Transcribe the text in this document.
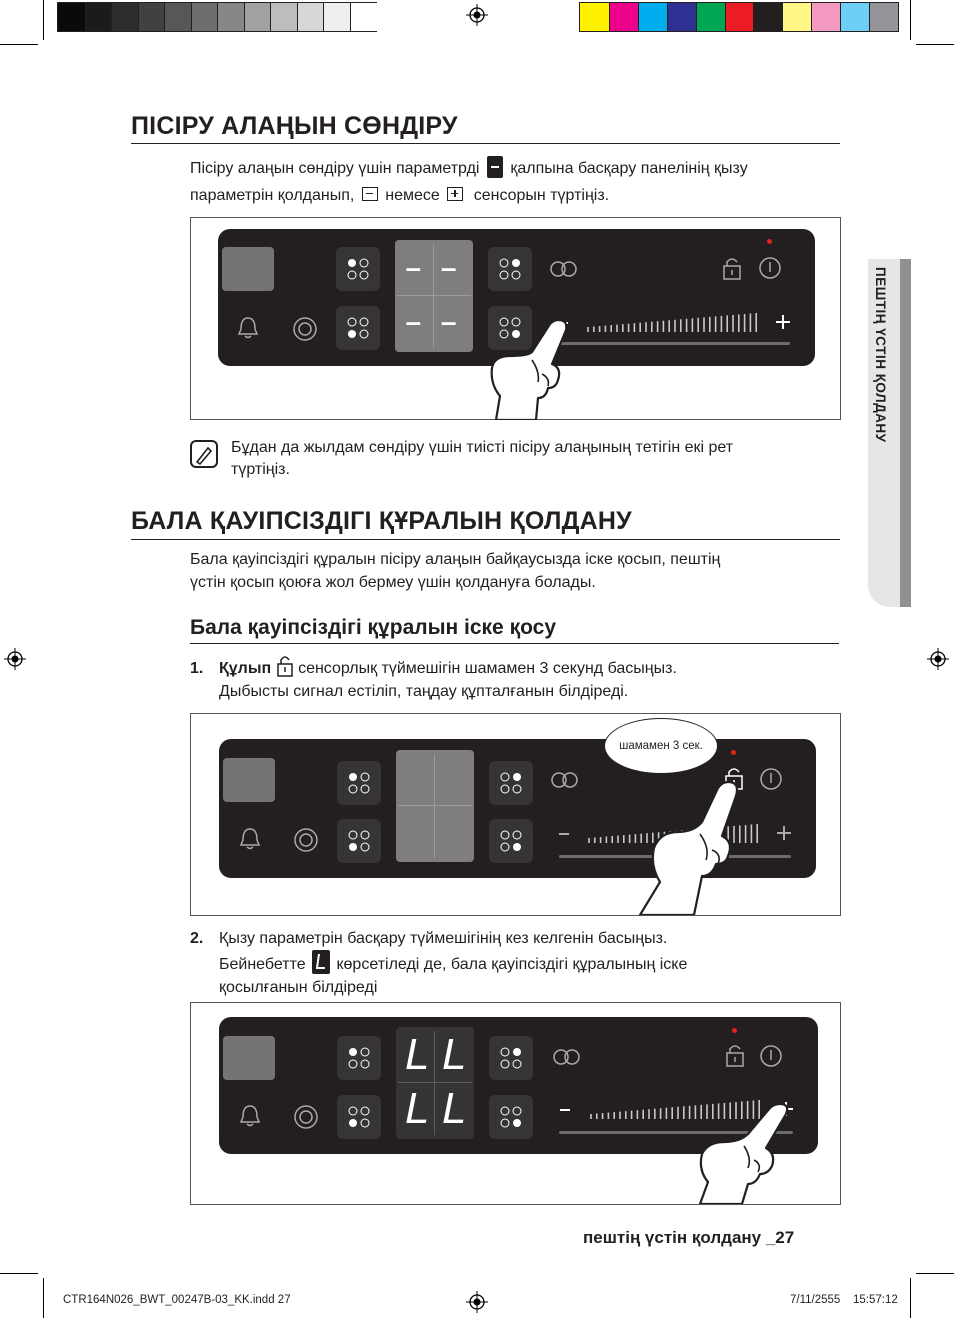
ПЕШТІҢ ҮСТІН ҚОЛДАНУ
ПІСІРУ АЛАҢЫН СӨНДІРУ
Пісіру алаңын сөндіру үшін параметрді қалпына басқару панелінің қызу
параметрін қолданып, немесе сенсорын түртіңіз.
– –
– –
Бұдан да жылдам сөндіру үшін тиісті пісіру алаңының тетігін екі рет
түртіңіз.
БАЛА ҚАУІПСІЗДІГІ ҚҰРАЛЫН ҚОЛДАНУ
Бала қауіпсіздігі құралын пісіру алаңын байқаусызда іске қосып, пештің
үстін қосып қоюға жол бермеу үшін қолдануға болады.
Бала қауіпсіздігі құралын іске қосу
1. Құлып сенсорлық түймешігін шамамен 3 секунд басыңыз.
Дыбысты сигнал естіліп, таңдау құпталғанын білдіреді.
шамамен 3 сек.
2. Қызу параметрін басқару түймешігінің кез келгенін басыңыз.
Бейнебетте көрсетіледі де, бала қауіпсіздігі құралының іске
қосылғанын білдіреді
L L
L L
пештің үстін қолдану _27
CTR164N026_BWT_00247B-03_KK.indd 27	7/11/2555 15:57:12
